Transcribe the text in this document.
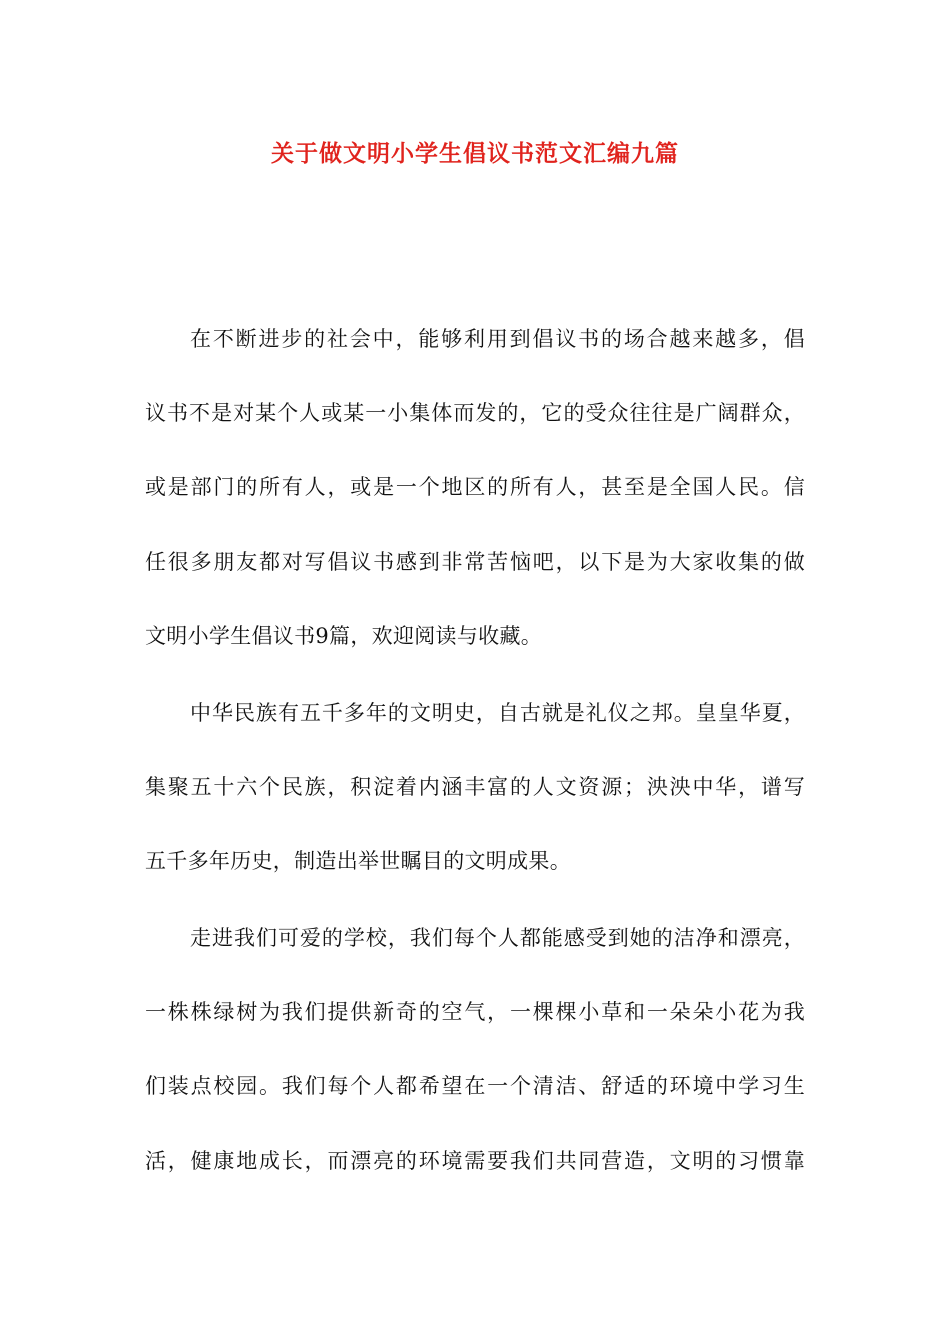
关于做文明小学生倡议书范文汇编九篇
在不断进步的社会中，能够利用到倡议书的场合越来越多，倡
议书不是对某个人或某一小集体而发的，它的受众往往是广阔群众，
或是部门的所有人，或是一个地区的所有人，甚至是全国人民。信
任很多朋友都对写倡议书感到非常苦恼吧，以下是为大家收集的做
文明小学生倡议书9篇，欢迎阅读与收藏。
中华民族有五千多年的文明史，自古就是礼仪之邦。皇皇华夏，
集聚五十六个民族，积淀着内涵丰富的人文资源；泱泱中华，谱写
五千多年历史，制造出举世瞩目的文明成果。
走进我们可爱的学校，我们每个人都能感受到她的洁净和漂亮，
一株株绿树为我们提供新奇的空气，一棵棵小草和一朵朵小花为我
们装点校园。我们每个人都希望在一个清洁、舒适的环境中学习生
活，健康地成长，而漂亮的环境需要我们共同营造，文明的习惯靠
